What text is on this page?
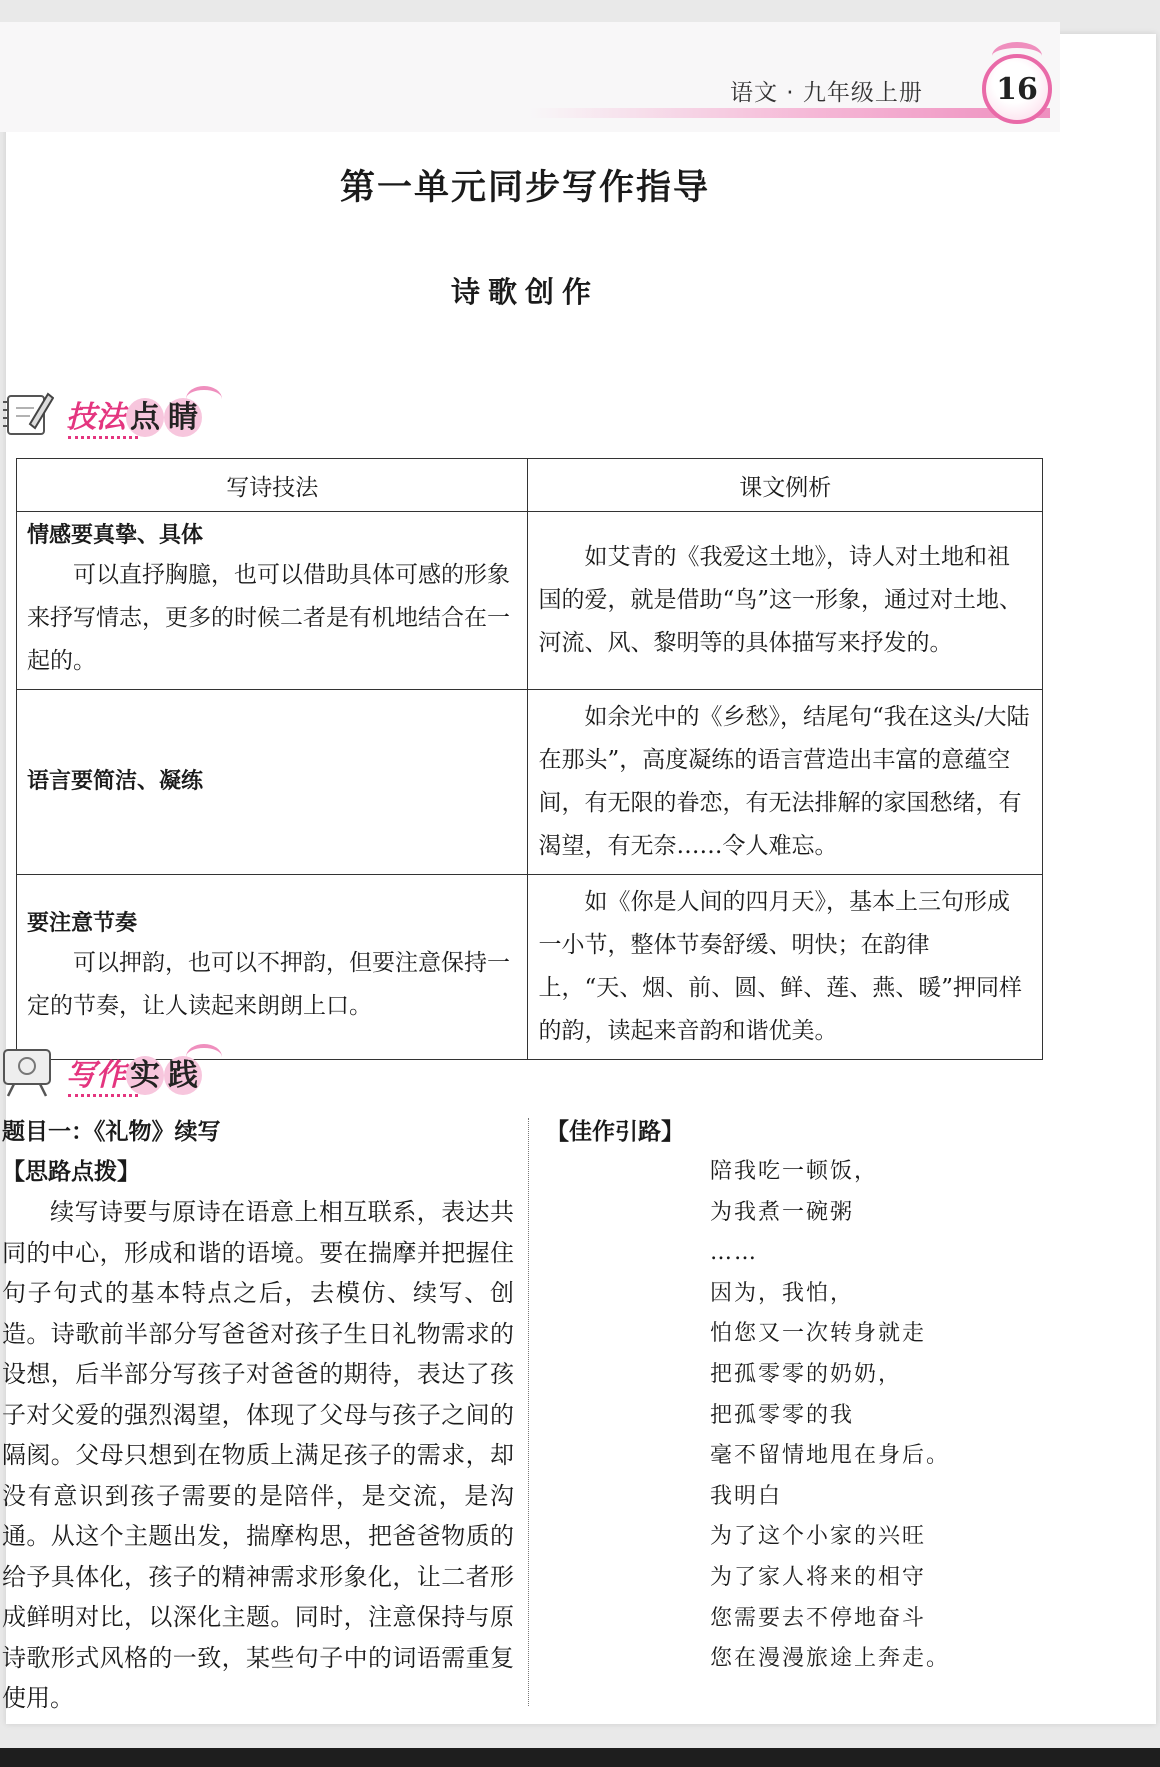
语文 · 九年级上册	16
第一单元同步写作指导
诗歌创作
技法 点 睛
写诗技法	课文例析

情感要真挚、具体
可以直抒胸臆，也可以借助具体可感的形象来抒写情志，更多的时候二者是有机地结合在一起的。	如艾青的《我爱这土地》，诗人对土地和祖国的爱，就是借助“鸟”这一形象，通过对土地、河流、风、黎明等的具体描写来抒发的。

语言要简洁、凝练	如余光中的《乡愁》，结尾句“我在这头/大陆在那头”，高度凝练的语言营造出丰富的意蕴空间，有无限的眷恋，有无法排解的家国愁绪，有渴望，有无奈……令人难忘。

要注意节奏
可以押韵，也可以不押韵，但要注意保持一定的节奏，让人读起来朗朗上口。	如《你是人间的四月天》，基本上三句形成一小节，整体节奏舒缓、明快；在韵律上，“天、烟、前、圆、鲜、莲、燕、暖”押同样的韵，读起来音韵和谐优美。
写作 实 践
题目一：《礼物》续写
【思路点拨】
续写诗要与原诗在语意上相互联系，表达共同的中心，形成和谐的语境。要在揣摩并把握住句子句式的基本特点之后，去模仿、续写、创造。诗歌前半部分写爸爸对孩子生日礼物需求的设想，后半部分写孩子对爸爸的期待，表达了孩子对父爱的强烈渴望，体现了父母与孩子之间的隔阂。父母只想到在物质上满足孩子的需求，却没有意识到孩子需要的是陪伴，是交流，是沟通。从这个主题出发，揣摩构思，把爸爸物质的给予具体化，孩子的精神需求形象化，让二者形成鲜明对比，以深化主题。同时，注意保持与原诗歌形式风格的一致，某些句子中的词语需重复使用。
【佳作引路】
陪我吃一顿饭，
为我煮一碗粥
……
因为，我怕，
怕您又一次转身就走
把孤零零的奶奶，
把孤零零的我
毫不留情地甩在身后。
我明白
为了这个小家的兴旺
为了家人将来的相守
您需要去不停地奋斗
您在漫漫旅途上奔走。
